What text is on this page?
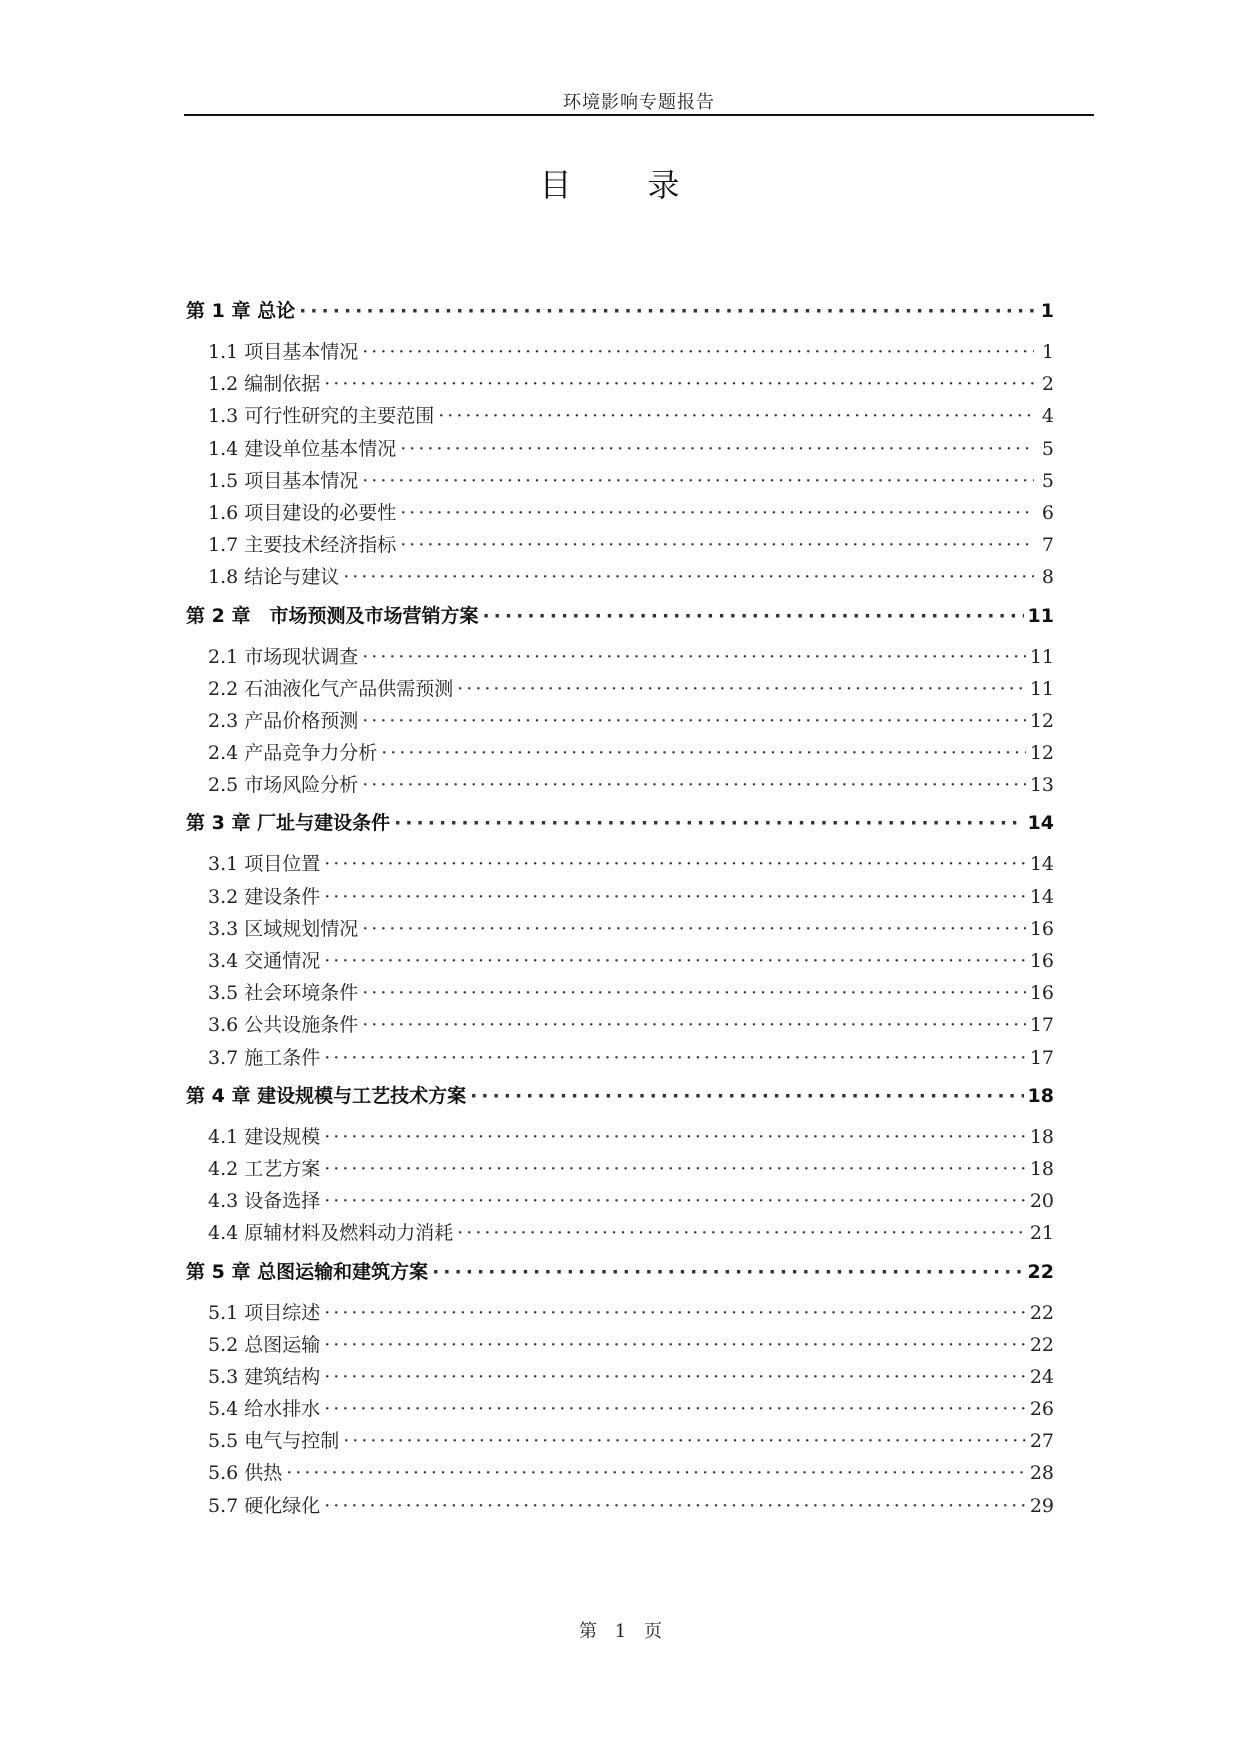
环境影响专题报告
目　录
第 1 章 总论 ·····	1
1.1 项目基本情况 ·····	1
1.2 编制依据 ·····	2
1.3 可行性研究的主要范围 ·····	4
1.4 建设单位基本情况 ·····	5
1.5 项目基本情况 ·····	5
1.6 项目建设的必要性 ·····	6
1.7 主要技术经济指标 ·····	7
1.8 结论与建议 ·····	8
第 2 章　市场预测及市场营销方案 ·····	11
2.1 市场现状调查 ·····	11
2.2 石油液化气产品供需预测 ·····	11
2.3 产品价格预测 ·····	12
2.4 产品竞争力分析 ·····	12
2.5 市场风险分析 ·····	13
第 3 章 厂址与建设条件 ·····	14
3.1 项目位置 ·····	14
3.2 建设条件 ·····	14
3.3 区域规划情况 ·····	16
3.4 交通情况 ·····	16
3.5 社会环境条件 ·····	16
3.6 公共设施条件 ·····	17
3.7 施工条件 ·····	17
第 4 章 建设规模与工艺技术方案 ·····	18
4.1 建设规模 ·····	18
4.2 工艺方案 ·····	18
4.3 设备选择 ·····	20
4.4 原辅材料及燃料动力消耗 ·····	21
第 5 章 总图运输和建筑方案 ·····	22
5.1 项目综述 ·····	22
5.2 总图运输 ·····	22
5.3 建筑结构 ·····	24
5.4 给水排水 ·····	26
5.5 电气与控制 ·····	27
5.6 供热 ·····	28
5.7 硬化绿化 ·····	29
第 1 页
